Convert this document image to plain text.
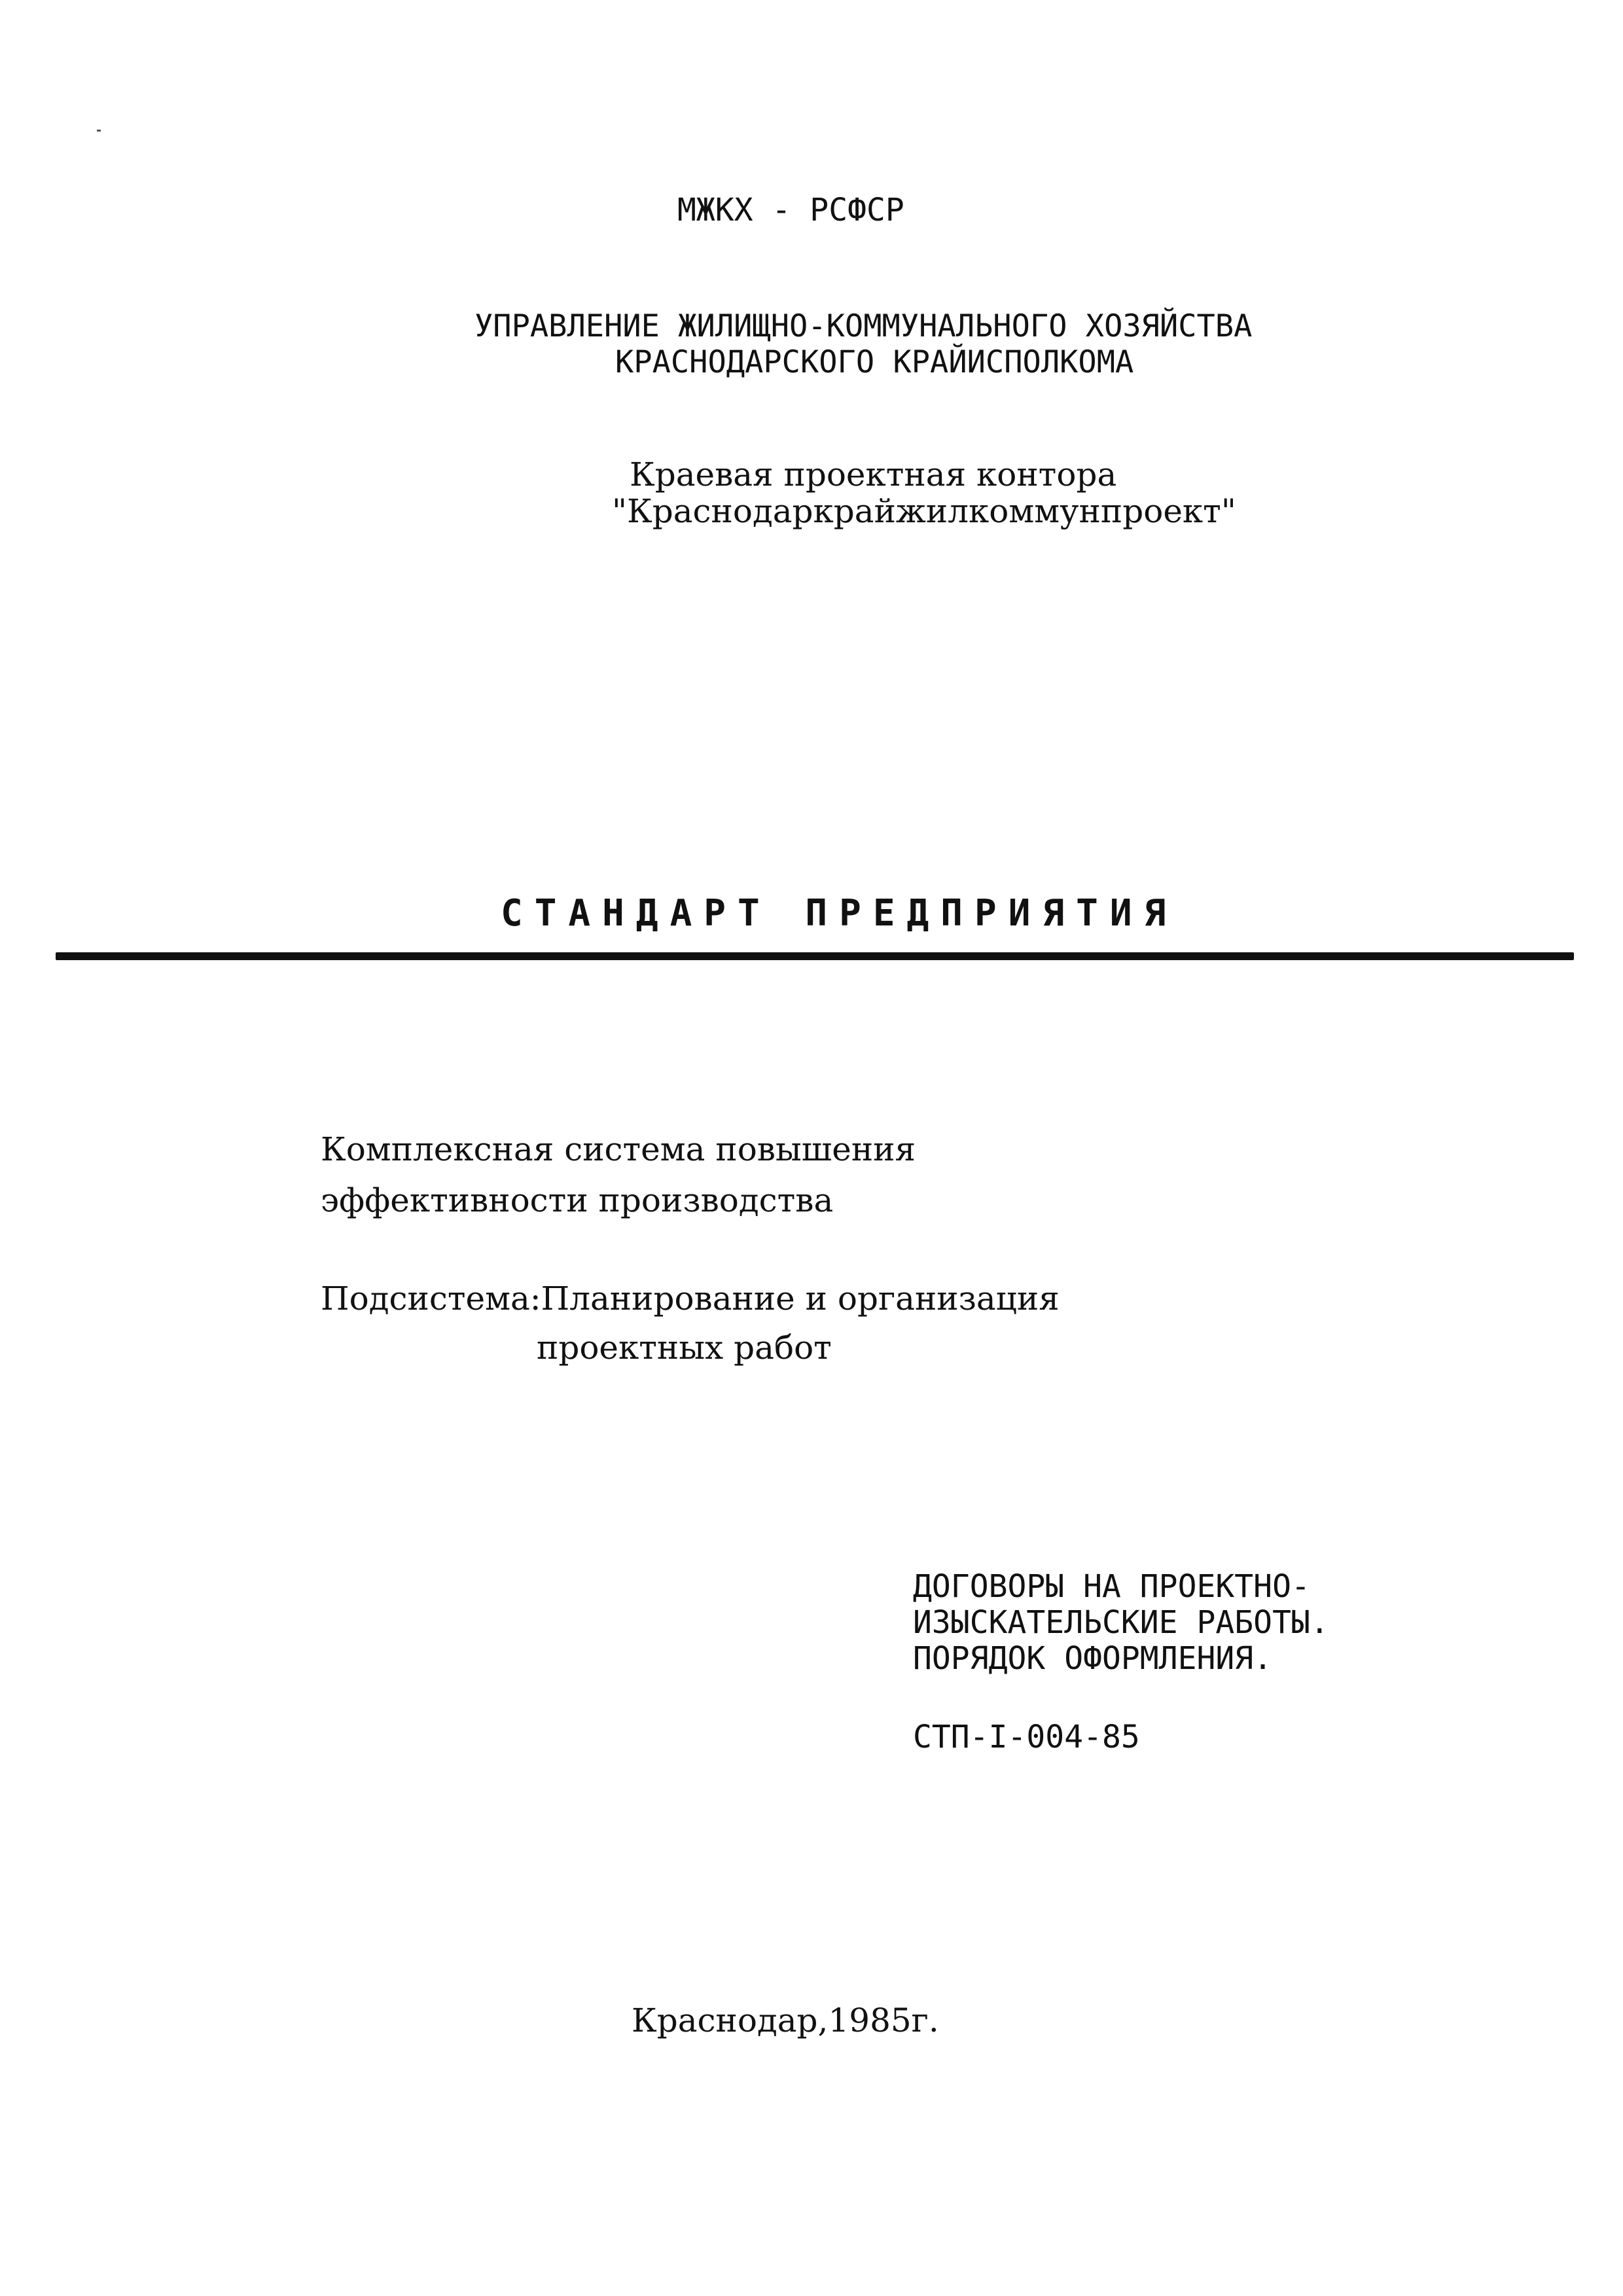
МЖКХ - РСФСР
УПРАВЛЕНИЕ ЖИЛИЩНО-КОММУНАЛЬНОГО ХОЗЯЙСТВА
КРАСНОДАРСКОГО КРАЙИСПОЛКОМА
Краевая проектная контора
"Краснодаркрайжилкоммунпроект"
СТАНДАРТ ПРЕДПРИЯТИЯ
Комплексная система повышения
эффективности производства
Подсистема:Планирование и организация
проектных работ
ДОГОВОРЫ НА ПРОЕКТНО-
ИЗЫСКАТЕЛЬСКИЕ РАБОТЫ.
ПОРЯДОК ОФОРМЛЕНИЯ.
СТП-I-004-85
Краснодар,1985г.
